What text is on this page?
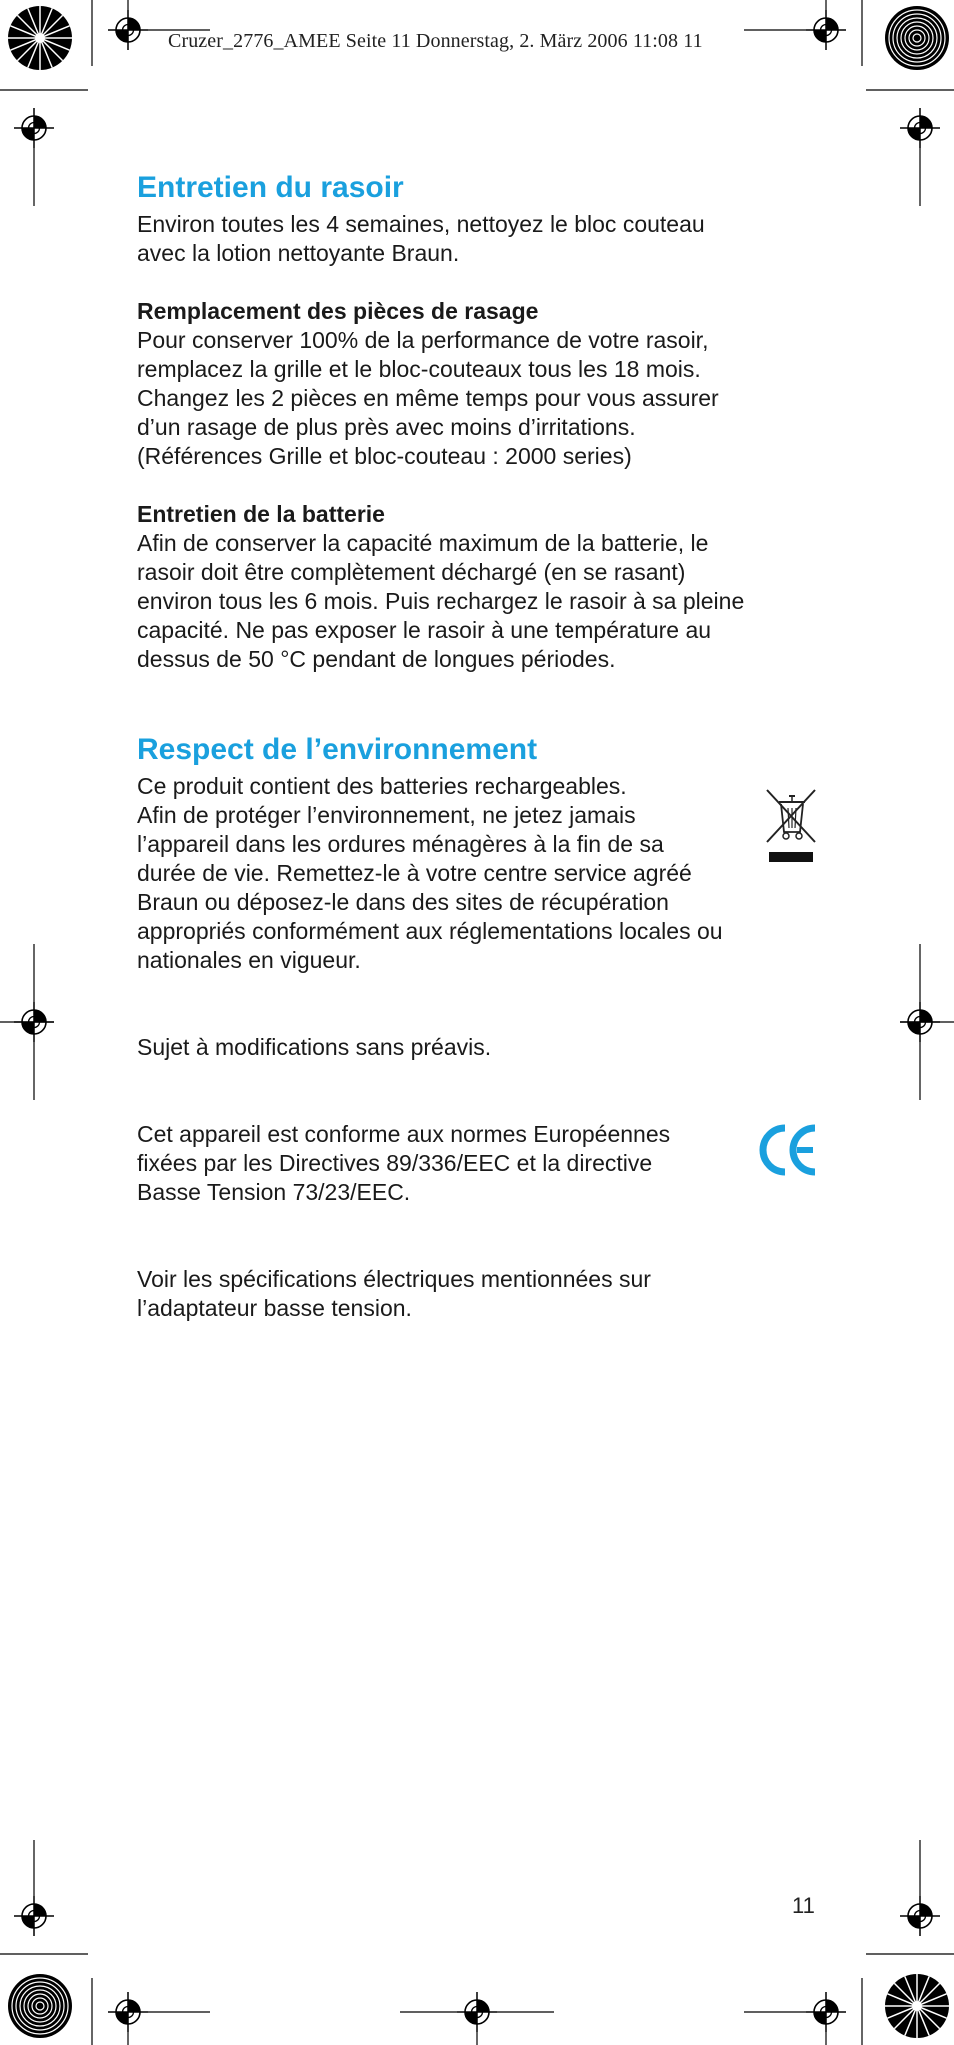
Cruzer_2776_AMEE Seite 11 Donnerstag, 2. März 2006 11:08 11
Entretien du rasoir

Environ toutes les 4 semaines, nettoyez le bloc couteau
avec la lotion nettoyante Braun.

Remplacement des pièces de rasage

Pour conserver 100% de la performance de votre rasoir,
remplacez la grille et le bloc-couteaux tous les 18 mois.
Changez les 2 pièces en même temps pour vous assurer
d’un rasage de plus près avec moins d’irritations.
(Références Grille et bloc-couteau : 2000 series)

Entretien de la batterie

Afin de conserver la capacité maximum de la batterie, le
rasoir doit être complètement déchargé (en se rasant)
environ tous les 6 mois. Puis rechargez le rasoir à sa pleine
capacité. Ne pas exposer le rasoir à une température au
dessus de 50 °C pendant de longues périodes.

Respect de l’environnement

Ce produit contient des batteries rechargeables.
Afin de protéger l’environnement, ne jetez jamais
l’appareil dans les ordures ménagères à la fin de sa
durée de vie. Remettez-le à votre centre service agréé
Braun ou déposez-le dans des sites de récupération
appropriés conformément aux réglementations locales ou
nationales en vigueur.

Sujet à modifications sans préavis.

Cet appareil est conforme aux normes Européennes
fixées par les Directives 89/336/EEC et la directive
Basse Tension 73/23/EEC.

Voir les spécifications électriques mentionnées sur
l’adaptateur basse tension.

11
